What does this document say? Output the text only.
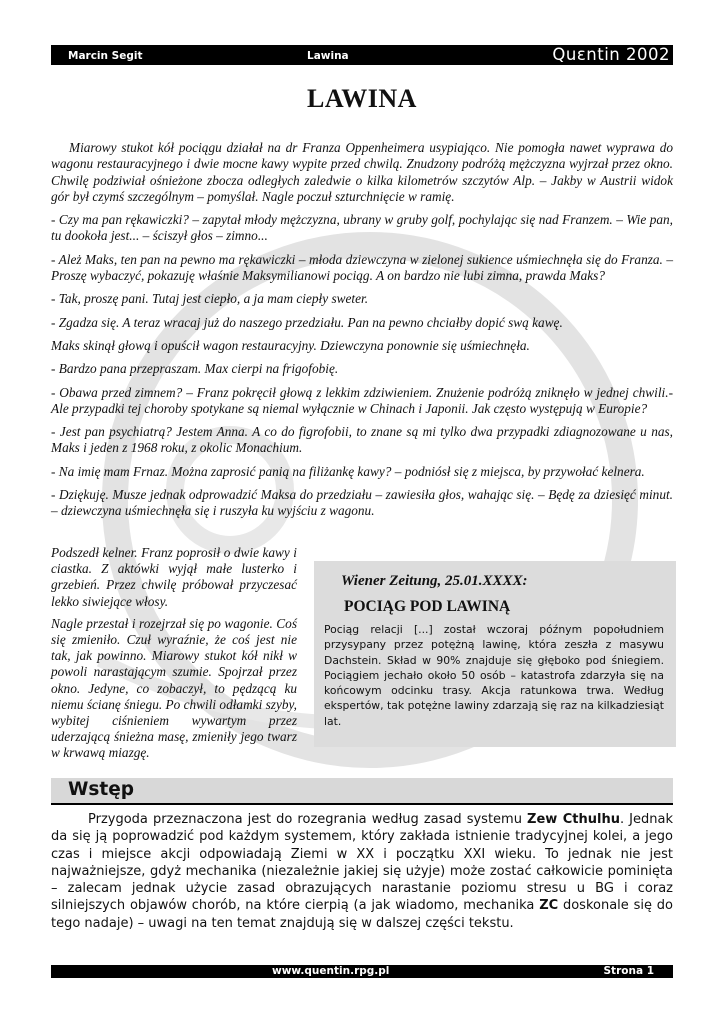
Marcin Segit	Lawina	Quεntin 2002
LAWINA

Miarowy stukot kół pociągu działał na dr Franza Oppenheimera usypiająco. Nie pomogła nawet wyprawa do wagonu restauracyjnego i dwie mocne kawy wypite przed chwilą. Znudzony podróżą mężczyzna wyjrzał przez okno. Chwilę podziwiał ośnieżone zbocza odległych zaledwie o kilka kilometrów szczytów Alp. – Jakby w Austrii widok gór był czymś szczególnym – pomyślał. Nagle poczuł szturchnięcie w ramię.

- Czy ma pan rękawiczki? – zapytał młody mężczyzna, ubrany w gruby golf, pochylając się nad Franzem. – Wie pan, tu dookoła jest... – ściszył głos – zimno...

- Ależ Maks, ten pan na pewno ma rękawiczki – młoda dziewczyna w zielonej sukience uśmiechnęła się do Franza. – Proszę wybaczyć, pokazuję właśnie Maksymilianowi pociąg. A on bardzo nie lubi zimna, prawda Maks?

- Tak, proszę pani. Tutaj jest ciepło, a ja mam ciepły sweter.

- Zgadza się. A teraz wracaj już do naszego przedziału. Pan na pewno chciałby dopić swą kawę.

Maks skinął głową i opuścił wagon restauracyjny. Dziewczyna ponownie się uśmiechnęła.

- Bardzo pana przepraszam. Max cierpi na frigofobię.

- Obawa przed zimnem? – Franz pokręcił głową z lekkim zdziwieniem. Znużenie podróżą zniknęło w jednej chwili.- Ale przypadki tej choroby spotykane są niemal wyłącznie w Chinach i Japonii. Jak często występują w Europie?

- Jest pan psychiatrą? Jestem Anna. A co do figrofobii, to znane są mi tylko dwa przypadki zdiagnozowane u nas, Maks i jeden z 1968 roku, z okolic Monachium.

- Na imię mam Frnaz. Można zaprosić panią na filiżankę kawy? – podniósł się z miejsca, by przywołać kelnera.

- Dziękuję. Musze jednak odprowadzić Maksa do przedziału – zawiesiła głos, wahając się. – Będę za dziesięć minut. – dziewczyna uśmiechnęła się i ruszyła ku wyjściu z wagonu.

Podszedł kelner. Franz poprosił o dwie kawy i ciastka. Z aktówki wyjął małe lusterko i grzebień. Przez chwilę próbował przyczesać lekko siwiejące włosy.

Nagle przestał i rozejrzał się po wagonie. Coś się zmieniło. Czuł wyraźnie, że coś jest nie tak, jak powinno. Miarowy stukot kół nikł w powoli narastającym szumie. Spojrzał przez okno. Jedyne, co zobaczył, to pędzącą ku niemu ścianę śniegu. Po chwili odłamki szyby, wybitej ciśnieniem wywartym przez uderzającą śnieżna masę, zmieniły jego twarz w krwawą miazgę.

Wiener Zeitung, 25.01.XXXX:
POCIĄG POD LAWINĄ
Pociąg relacji [...] został wczoraj późnym popołudniem przysypany przez potężną lawinę, która zeszła z masywu Dachstein. Skład w 90% znajduje się głęboko pod śniegiem. Pociągiem jechało około 50 osób – katastrofa zdarzyła się na końcowym odcinku trasy. Akcja ratunkowa trwa. Według ekspertów, tak potężne lawiny zdarzają się raz na kilkadziesiąt lat.
Wstęp
Przygoda przeznaczona jest do rozegrania według zasad systemu Zew Cthulhu. Jednak da się ją poprowadzić pod każdym systemem, który zakłada istnienie tradycyjnej kolei, a jego czas i miejsce akcji odpowiadają Ziemi w XX i początku XXI wieku. To jednak nie jest najważniejsze, gdyż mechanika (niezależnie jakiej się użyje) może zostać całkowicie pominięta – zalecam jednak użycie zasad obrazujących narastanie poziomu stresu u BG i coraz silniejszych objawów chorób, na które cierpią (a jak wiadomo, mechanika ZC doskonale się do tego nadaje) – uwagi na ten temat znajdują się w dalszej części tekstu.
www.quentin.rpg.pl	Strona 1
